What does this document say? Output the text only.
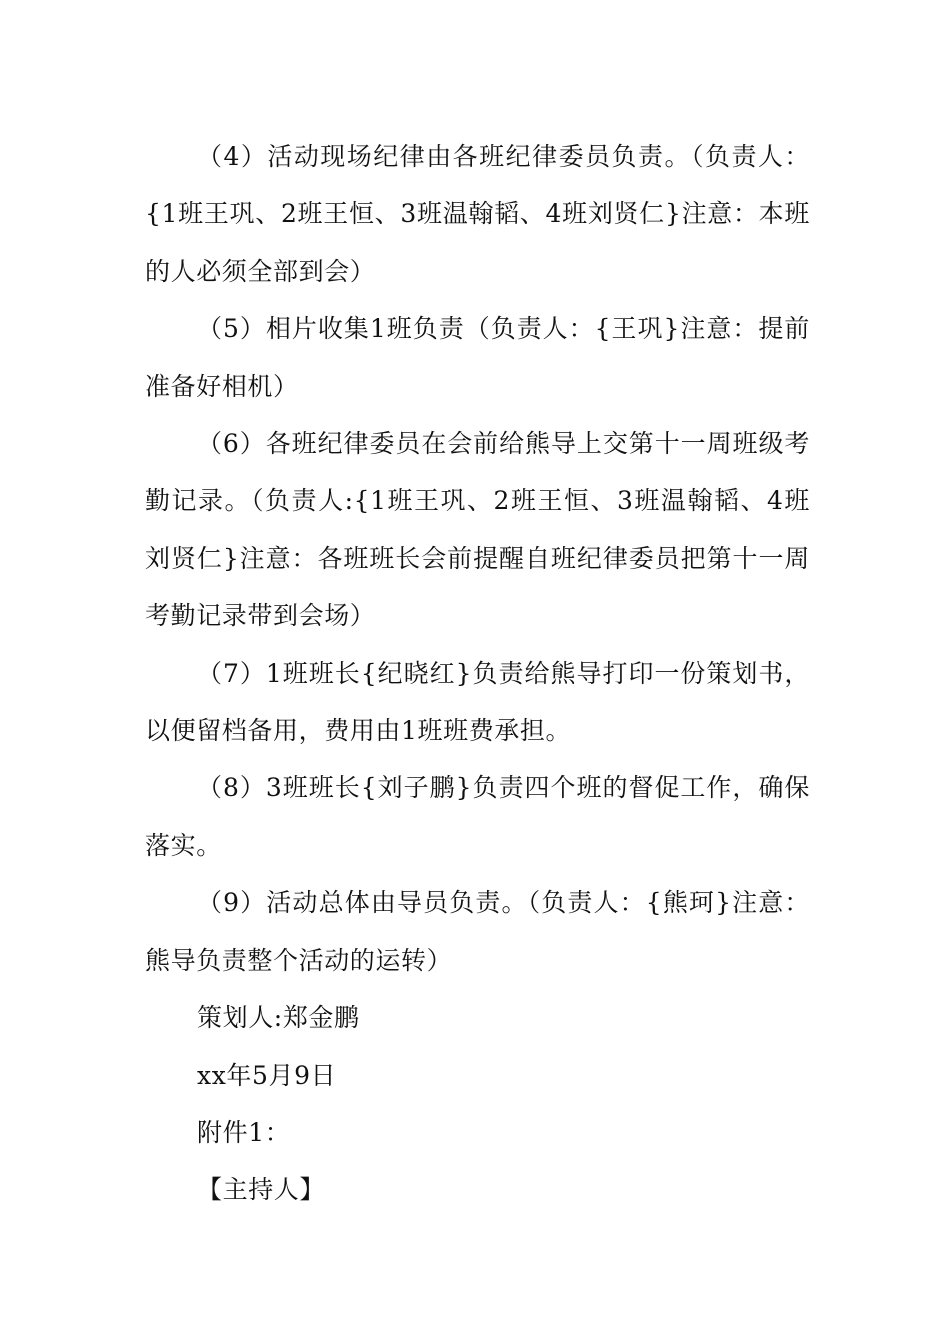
（4）活动现场纪律由各班纪律委员负责。（负责人：{1班王巩、2班王恒、3班温翰韬、4班刘贤仁}注意：本班的人必须全部到会）

（5）相片收集1班负责（负责人：{王巩}注意：提前准备好相机）

（6）各班纪律委员在会前给熊导上交第十一周班级考勤记录。（负责人:{1班王巩、2班王恒、3班温翰韬、4班刘贤仁}注意：各班班长会前提醒自班纪律委员把第十一周考勤记录带到会场）

（7）1班班长{纪晓红}负责给熊导打印一份策划书，以便留档备用，费用由1班班费承担。

（8）3班班长{刘子鹏}负责四个班的督促工作，确保落实。

（9）活动总体由导员负责。（负责人：{熊珂}注意：熊导负责整个活动的运转）

策划人:郑金鹏

xx年5月9日

附件1：

【主持人】
